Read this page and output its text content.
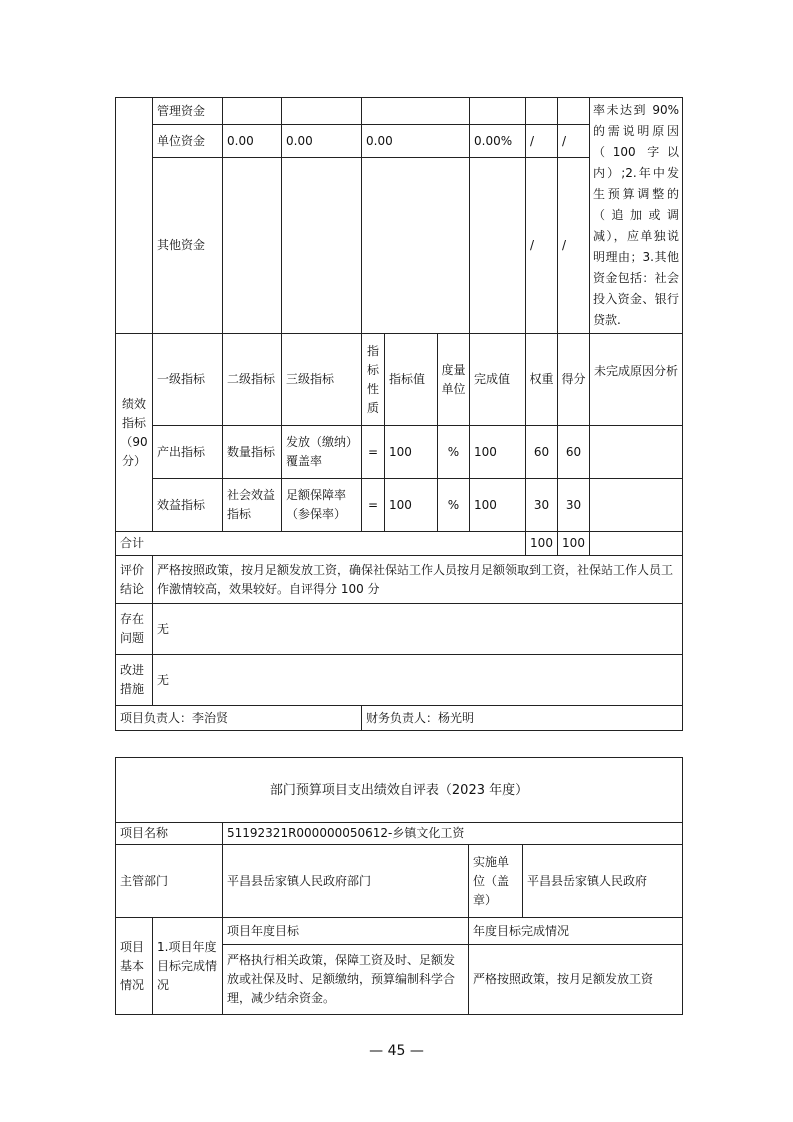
	管理资金									率未达到 90%的需说明原因（100 字以内）;2.年中发生预算调整的（追加或调减），应单独说明理由；3.其他资金包括：社会投入资金、银行贷款.
	单位资金	0.00	0.00	0.00			0.00%	/	/	
	其他资金							/	/	
绩效指标（90分）	一级指标	二级指标	三级指标	指标性质	指标值	度量单位	完成值	权重	得分	未完成原因分析
	产出指标	数量指标	发放（缴纳）覆盖率	=	100	%	100	60	60	
	效益指标	社会效益指标	足额保障率（参保率）	=	100	%	100	30	30	
合计								100	100	
评价结论	严格按照政策，按月足额发放工资，确保社保站工作人员按月足额领取到工资，社保站工作人员工作激情较高，效果较好。自评得分 100 分									
存在问题	无									
改进措施	无									
项目负责人：李治贤				财务负责人：杨光明						
部门预算项目支出绩效自评表（2023 年度）				
项目名称		51192321R000000050612-乡镇文化工资		
主管部门		平昌县岳家镇人民政府部门	实施单位（盖章）	平昌县岳家镇人民政府
项目基本情况	1.项目年度目标完成情况	项目年度目标	年度目标完成情况	
		严格执行相关政策，保障工资及时、足额发放或社保及时、足额缴纳，预算编制科学合理，减少结余资金。	严格按照政策，按月足额发放工资	
— 45 —
